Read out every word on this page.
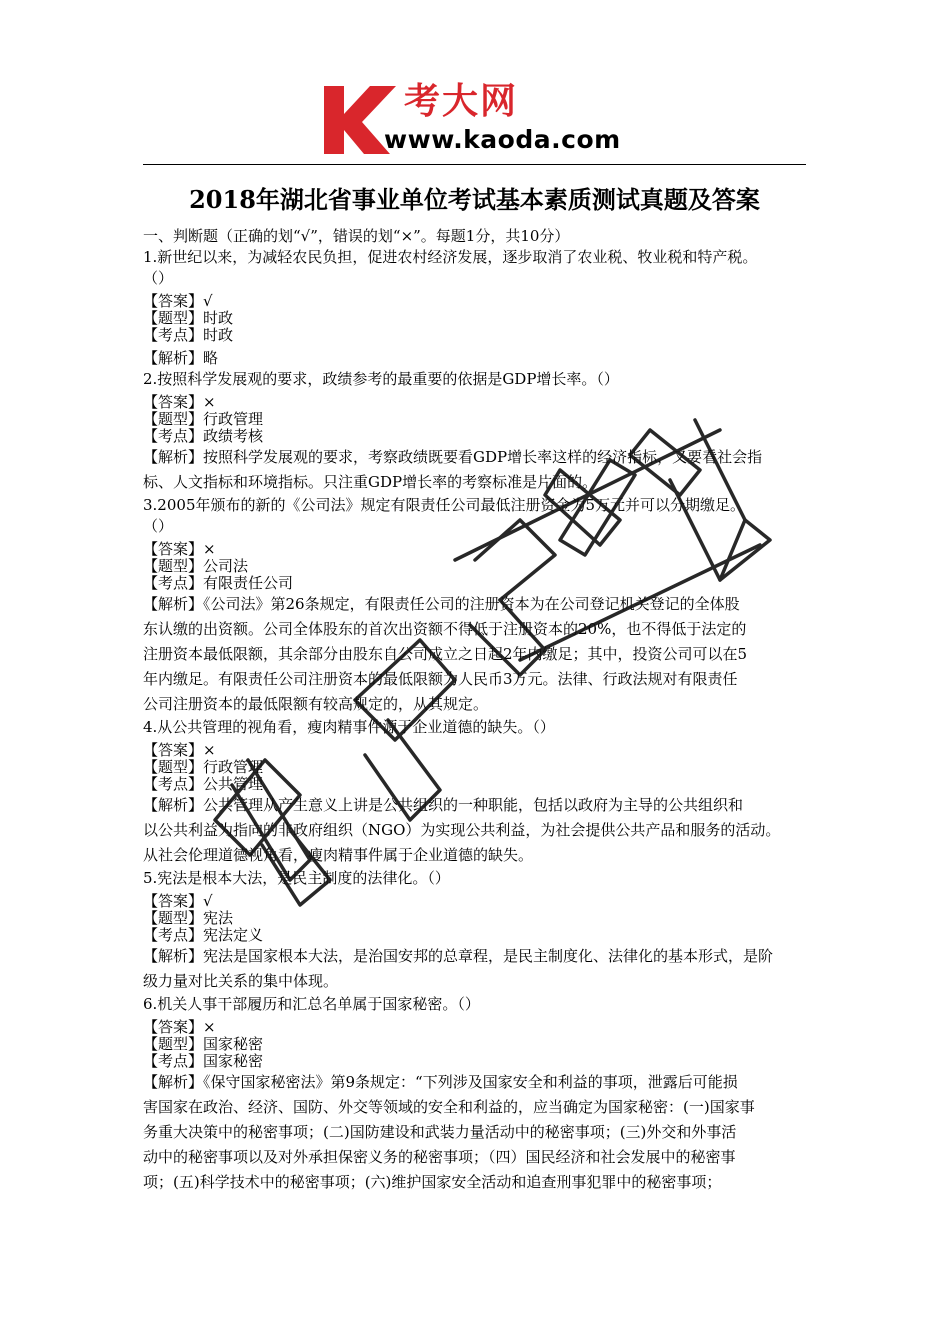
考大网
www.kaoda.com
2018年湖北省事业单位考试基本素质测试真题及答案

一、判断题（正确的划“√”，错误的划“×”。每题1分，共10分）

1.新世纪以来，为减轻农民负担，促进农村经济发展，逐步取消了农业税、牧业税和特产税。

（）

【答案】√

【题型】时政

【考点】时政

【解析】略

2.按照科学发展观的要求，政绩参考的最重要的依据是GDP增长率。（）

【答案】×

【题型】行政管理

【考点】政绩考核

【解析】按照科学发展观的要求，考察政绩既要看GDP增长率这样的经济指标，又要看社会指

标、人文指标和环境指标。只注重GDP增长率的考察标准是片面的。

3.2005年颁布的新的《公司法》规定有限责任公司最低注册资金为5万元并可以分期缴足。

（）

【答案】×

【题型】公司法

【考点】有限责任公司

【解析】《公司法》第26条规定，有限责任公司的注册资本为在公司登记机关登记的全体股

东认缴的出资额。公司全体股东的首次出资额不得低于注册资本的20%，也不得低于法定的

注册资本最低限额，其余部分由股东自公司成立之日起2年内缴足；其中，投资公司可以在5

年内缴足。有限责任公司注册资本的最低限额为人民币3万元。法律、行政法规对有限责任

公司注册资本的最低限额有较高规定的，从其规定。

4.从公共管理的视角看，瘦肉精事件源于企业道德的缺失。（）

【答案】×

【题型】行政管理

【考点】公共管理

【解析】公共管理从产生意义上讲是公共组织的一种职能，包括以政府为主导的公共组织和

以公共利益为指向的非政府组织（NGO）为实现公共利益，为社会提供公共产品和服务的活动。

从社会伦理道德视角看，瘦肉精事件属于企业道德的缺失。

5.宪法是根本大法，是民主制度的法律化。（）

【答案】√

【题型】宪法

【考点】宪法定义

【解析】宪法是国家根本大法，是治国安邦的总章程，是民主制度化、法律化的基本形式，是阶

级力量对比关系的集中体现。

6.机关人事干部履历和汇总名单属于国家秘密。（）

【答案】×

【题型】国家秘密

【考点】国家秘密

【解析】《保守国家秘密法》第9条规定：“下列涉及国家安全和利益的事项，泄露后可能损

害国家在政治、经济、国防、外交等领域的安全和利益的，应当确定为国家秘密：(一)国家事

务重大决策中的秘密事项；(二)国防建设和武装力量活动中的秘密事项；(三)外交和外事活

动中的秘密事项以及对外承担保密义务的秘密事项；（四）国民经济和社会发展中的秘密事

项；(五)科学技术中的秘密事项；(六)维护国家安全活动和追查刑事犯罪中的秘密事项；
